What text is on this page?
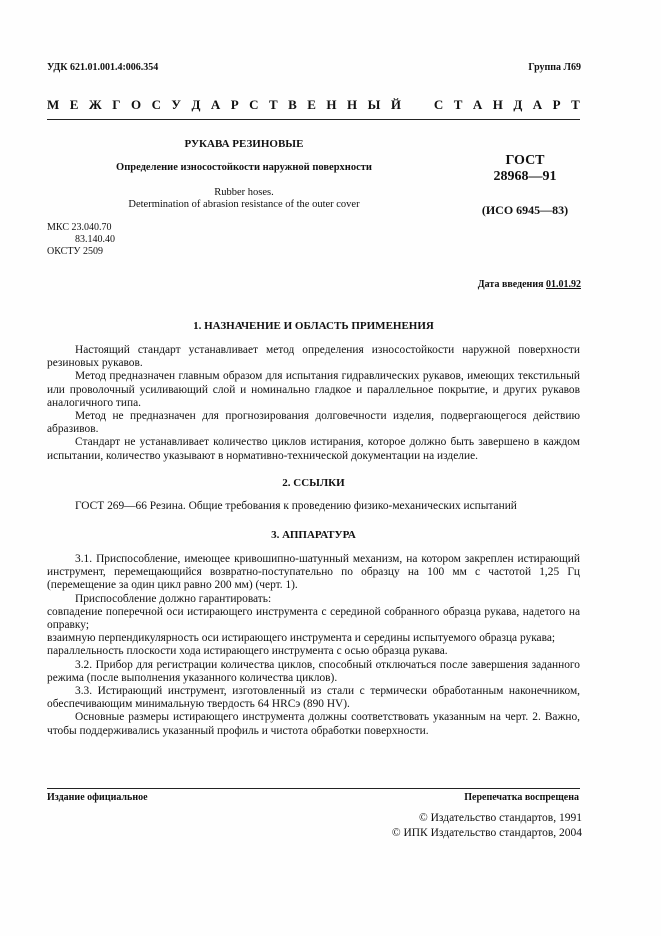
УДК 621.01.001.4:006.354	Группа Л69
М Е Ж Г О С У Д А Р С Т В Е Н Н Ы Й
	С Т А Н Д А Р Т
РУКАВА РЕЗИНОВЫЕ
Определение износостойкости наружной поверхности
Rubber hoses.
Determination of abrasion resistance of the outer cover
ГОСТ
28968—91
(ИСО 6945—83)
МКС 23.040.70
83.140.40
ОКСТУ 2509
Дата введения 01.01.92
1. НАЗНАЧЕНИЕ И ОБЛАСТЬ ПРИМЕНЕНИЯ

Настоящий стандарт устанавливает метод определения износостойкости наружной поверхности резиновых рукавов.

Метод предназначен главным образом для испытания гидравлических рукавов, имеющих текстильный или проволочный усиливающий слой и номинально гладкое и параллельное покрытие, и других рукавов аналогичного типа.

Метод не предназначен для прогнозирования долговечности изделия, подвергающегося действию абразивов.

Стандарт не устанавливает количество циклов истирания, которое должно быть завершено в каждом испытании, количество указывают в нормативно-технической документации на изделие.

2. ССЫЛКИ

ГОСТ 269—66 Резина. Общие требования к проведению физико-механических испытаний

3. АППАРАТУРА

3.1. Приспособление, имеющее кривошипно-шатунный механизм, на котором закреплен истирающий инструмент, перемещающийся возвратно-поступательно по образцу на 100 мм с частотой 1,25 Гц (перемещение за один цикл равно 200 мм) (черт. 1).

Приспособление должно гарантировать:

совпадение поперечной оси истирающего инструмента с серединой собранного образца рукава, надетого на оправку;

взаимную перпендикулярность оси истирающего инструмента и середины испытуемого образца рукава;

параллельность плоскости хода истирающего инструмента с осью образца рукава.

3.2. Прибор для регистрации количества циклов, способный отключаться после завершения заданного режима (после выполнения указанного количества циклов).

3.3. Истирающий инструмент, изготовленный из стали с термически обработанным наконечником, обеспечивающим минимальную твердость 64 HRCэ (890 HV).

Основные размеры истирающего инструмента должны соответствовать указанным на черт. 2. Важно, чтобы поддерживались указанный профиль и чистота обработки поверхности.

Издание официальное	Перепечатка воспрещена
© Издательство стандартов, 1991
© ИПК Издательство стандартов, 2004
